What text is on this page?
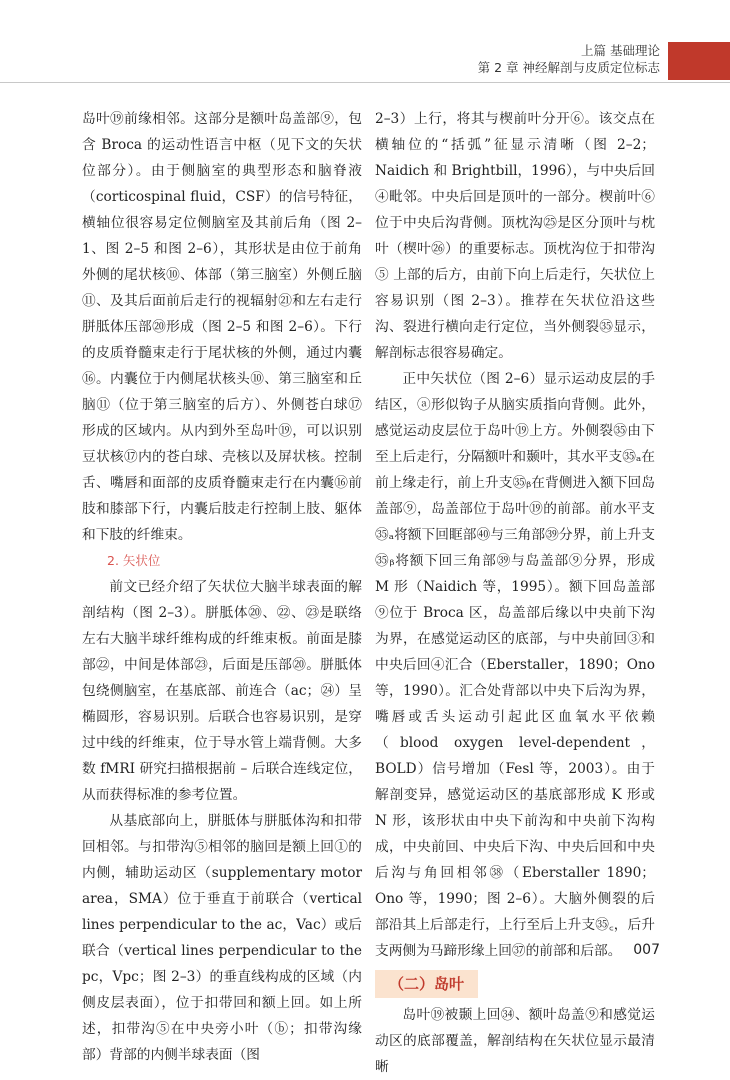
上篇 基础理论
第 2 章 神经解剖与皮质定位标志

岛叶⑲前缘相邻。这部分是额叶岛盖部⑨，包含 Broca 的运动性语言中枢（见下文的矢状位部分）。由于侧脑室的典型形态和脑脊液（corticospinal fluid，CSF）的信号特征，横轴位很容易定位侧脑室及其前后角（图 2–1、图 2–5 和图 2–6），其形状是由位于前角外侧的尾状核⑩、体部（第三脑室）外侧丘脑⑪、及其后面前后走行的视辐射㉑和左右走行胼胝体压部⑳形成（图 2–5 和图 2–6）。下行的皮质脊髓束走行于尾状核的外侧，通过内囊⑯。内囊位于内侧尾状核头⑩、第三脑室和丘脑⑪（位于第三脑室的后方）、外侧苍白球⑰形成的区域内。从内到外至岛叶⑲，可以识别豆状核⑰内的苍白球、壳核以及屏状核。控制舌、嘴唇和面部的皮质脊髓束走行在内囊⑯前肢和膝部下行，内囊后肢走行控制上肢、躯体和下肢的纤维束。

2. 矢状位

前文已经介绍了矢状位大脑半球表面的解剖结构（图 2–3）。胼胝体⑳、㉒、㉓是联络左右大脑半球纤维构成的纤维束板。前面是膝部㉒，中间是体部㉓，后面是压部⑳。胼胝体包绕侧脑室，在基底部、前连合（ac；㉔）呈椭圆形，容易识别。后联合也容易识别，是穿过中线的纤维束，位于导水管上端背侧。大多数 fMRI 研究扫描根据前 – 后联合连线定位，从而获得标准的参考位置。

从基底部向上，胼胝体与胼胝体沟和扣带回相邻。与扣带沟⑤相邻的脑回是额上回①的内侧，辅助运动区（supplementary motor area，SMA）位于垂直于前联合（vertical lines perpendicular to the ac，Vac）或后联合（vertical lines perpendicular to the pc，Vpc；图 2–3）的垂直线构成的区域（内侧皮层表面），位于扣带回和额上回。如上所述，扣带沟⑤在中央旁小叶（ⓑ；扣带沟缘部）背部的内侧半球表面（图

2–3）上行，将其与楔前叶分开⑥。该交点在横轴位的“括弧”征显示清晰（图 2–2；Naidich 和 Brightbill，1996），与中央后回④毗邻。中央后回是顶叶的一部分。楔前叶⑥位于中央后沟背侧。顶枕沟㉕是区分顶叶与枕叶（楔叶㉖）的重要标志。顶枕沟位于扣带沟⑤ 上部的后方，由前下向上后走行，矢状位上容易识别（图 2–3）。推荐在矢状位沿这些沟、裂进行横向走行定位，当外侧裂㉟显示，解剖标志很容易确定。

正中矢状位（图 2–6）显示运动皮层的手结区，ⓐ形似钩子从脑实质指向背侧。此外，感觉运动皮层位于岛叶⑲上方。外侧裂㉟由下至上后走行，分隔额叶和颞叶，其水平支㉟ₐ在前上缘走行，前上升支㉟ᵦ在背侧进入额下回岛盖部⑨，岛盖部位于岛叶⑲的前部。前水平支㉟ₐ将额下回眶部㊵与三角部㊴分界，前上升支㉟ᵦ将额下回三角部㊴与岛盖部⑨分界，形成 M 形（Naidich 等，1995）。额下回岛盖部⑨位于 Broca 区，岛盖部后缘以中央前下沟为界，在感觉运动区的底部，与中央前回③和中央后回④汇合（Eberstaller，1890；Ono 等，1990）。汇合处背部以中央下后沟为界，嘴唇或舌头运动引起此区血氧水平依赖（blood oxygen level-dependent，BOLD）信号增加（Fesl 等，2003）。由于解剖变异，感觉运动区的基底部形成 K 形或 N 形，该形状由中央下前沟和中央前下沟构成，中央前回、中央后下沟、中央后回和中央后沟与角回相邻㊳（Eberstaller 1890；Ono 等，1990；图 2–6）。大脑外侧裂的后部沿其上后部走行，上行至后上升支㉟꜀，后升支两侧为马蹄形缘上回㊲的前部和后部。

（二）岛叶

岛叶⑲被颞上回㉞、额叶岛盖⑨和感觉运动区的底部覆盖，解剖结构在矢状位显示最清晰

007
